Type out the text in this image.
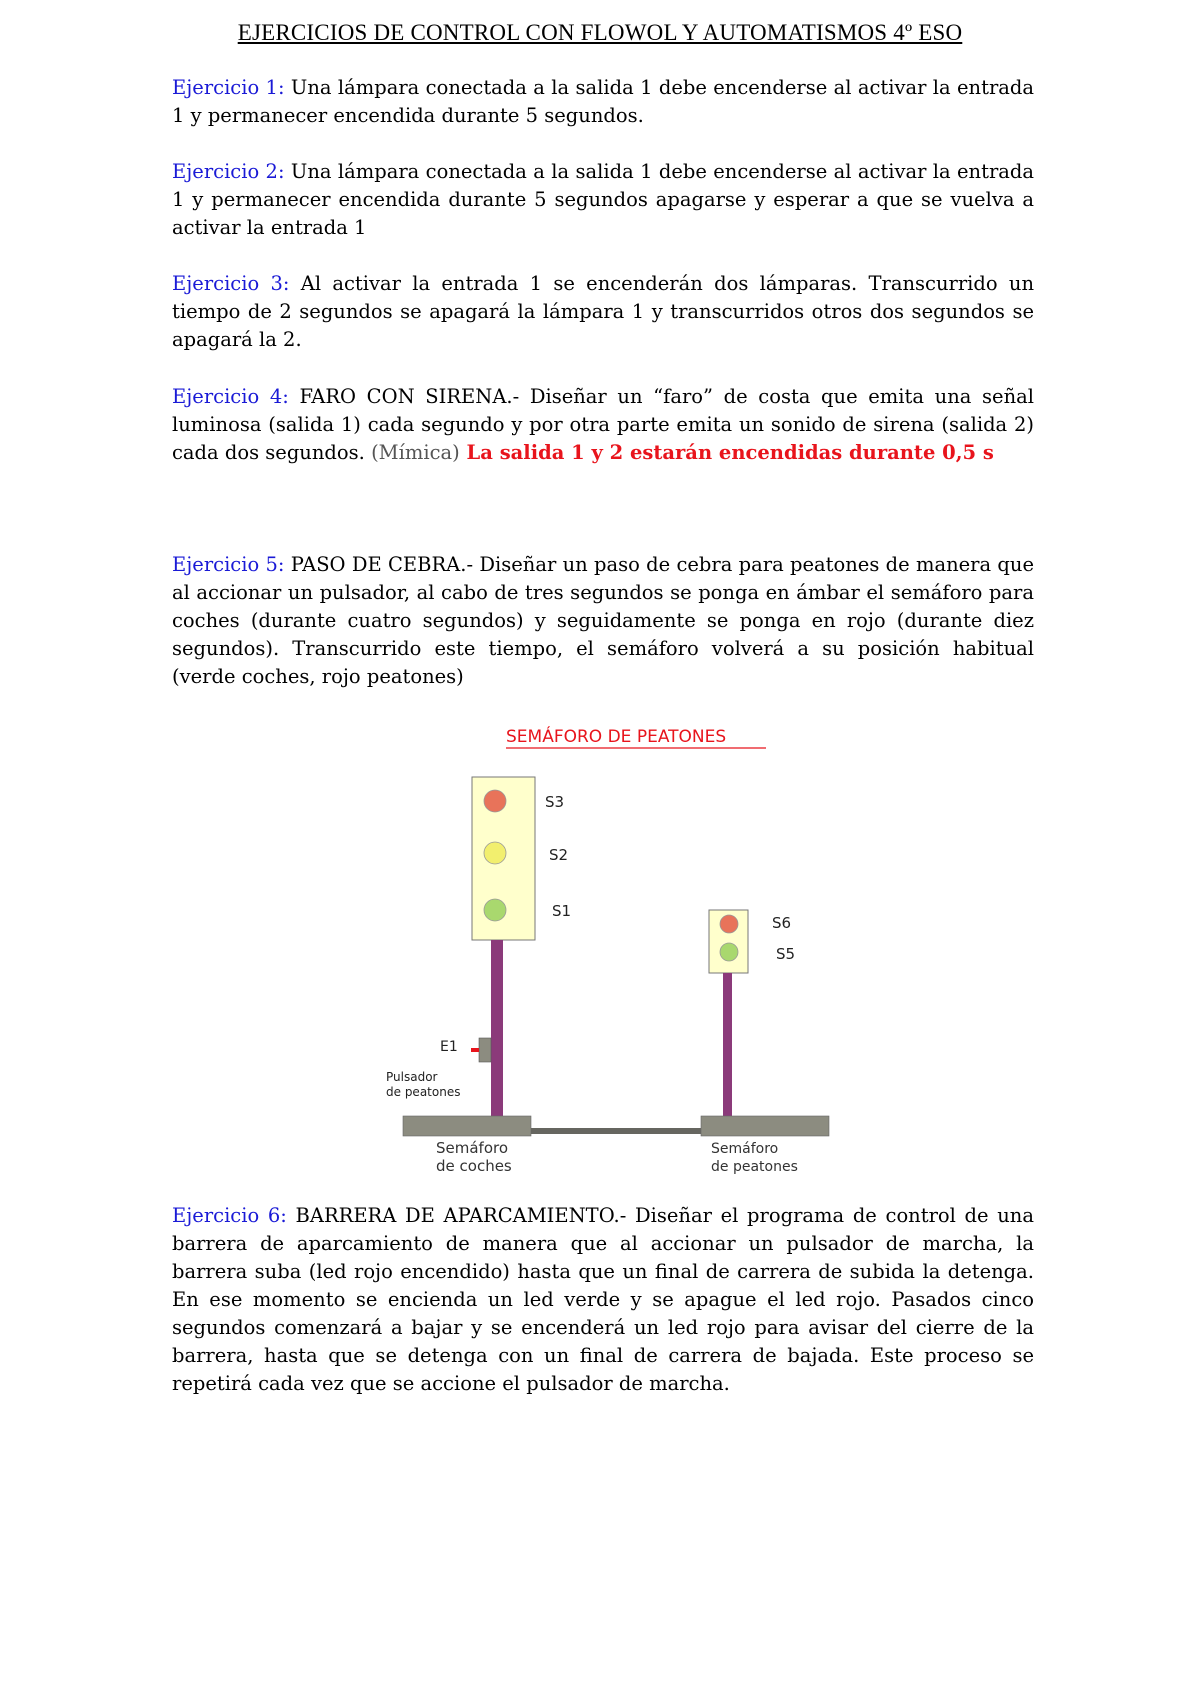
EJERCICIOS DE CONTROL CON FLOWOL Y AUTOMATISMOS 4º ESO

Ejercicio 1: Una lámpara conectada a la salida 1 debe encenderse al activar la entrada 1 y permanecer encendida durante 5 segundos.

Ejercicio 2: Una lámpara conectada a la salida 1 debe encenderse al activar la entrada 1 y permanecer encendida durante 5 segundos apagarse y esperar a que se vuelva a activar la entrada 1

Ejercicio 3: Al activar la entrada 1 se encenderán dos lámparas. Transcurrido un tiempo de 2 segundos se apagará la lámpara 1 y transcurridos otros dos segundos se apagará la 2.

Ejercicio 4: FARO CON SIRENA.- Diseñar un “faro” de costa que emita una señal luminosa (salida 1) cada segundo y por otra parte emita un sonido de sirena (salida 2) cada dos segundos. (Mímica) La salida 1 y 2 estarán encendidas durante 0,5 s

Ejercicio 5: PASO DE CEBRA.- Diseñar un paso de cebra para peatones de manera que al accionar un pulsador, al cabo de tres segundos se ponga en ámbar el semáforo para coches (durante cuatro segundos) y seguidamente se ponga en rojo (durante diez segundos). Transcurrido este tiempo, el semáforo volverá a su posición habitual (verde coches, rojo peatones)

SEMÁFORO DE PEATONES
S3
S2
S1
E1
Pulsador
de peatones
S6
S5
Semáforo
de coches
Semáforo
de peatones

Ejercicio 6: BARRERA DE APARCAMIENTO.- Diseñar el programa de control de una barrera de aparcamiento de manera que al accionar un pulsador de marcha, la barrera suba (led rojo encendido) hasta que un final de carrera de subida la detenga. En ese momento se encienda un led verde y se apague el led rojo. Pasados cinco segundos comenzará a bajar y se encenderá un led rojo para avisar del cierre de la barrera, hasta que se detenga con un final de carrera de bajada. Este proceso se repetirá cada vez que se accione el pulsador de marcha.
